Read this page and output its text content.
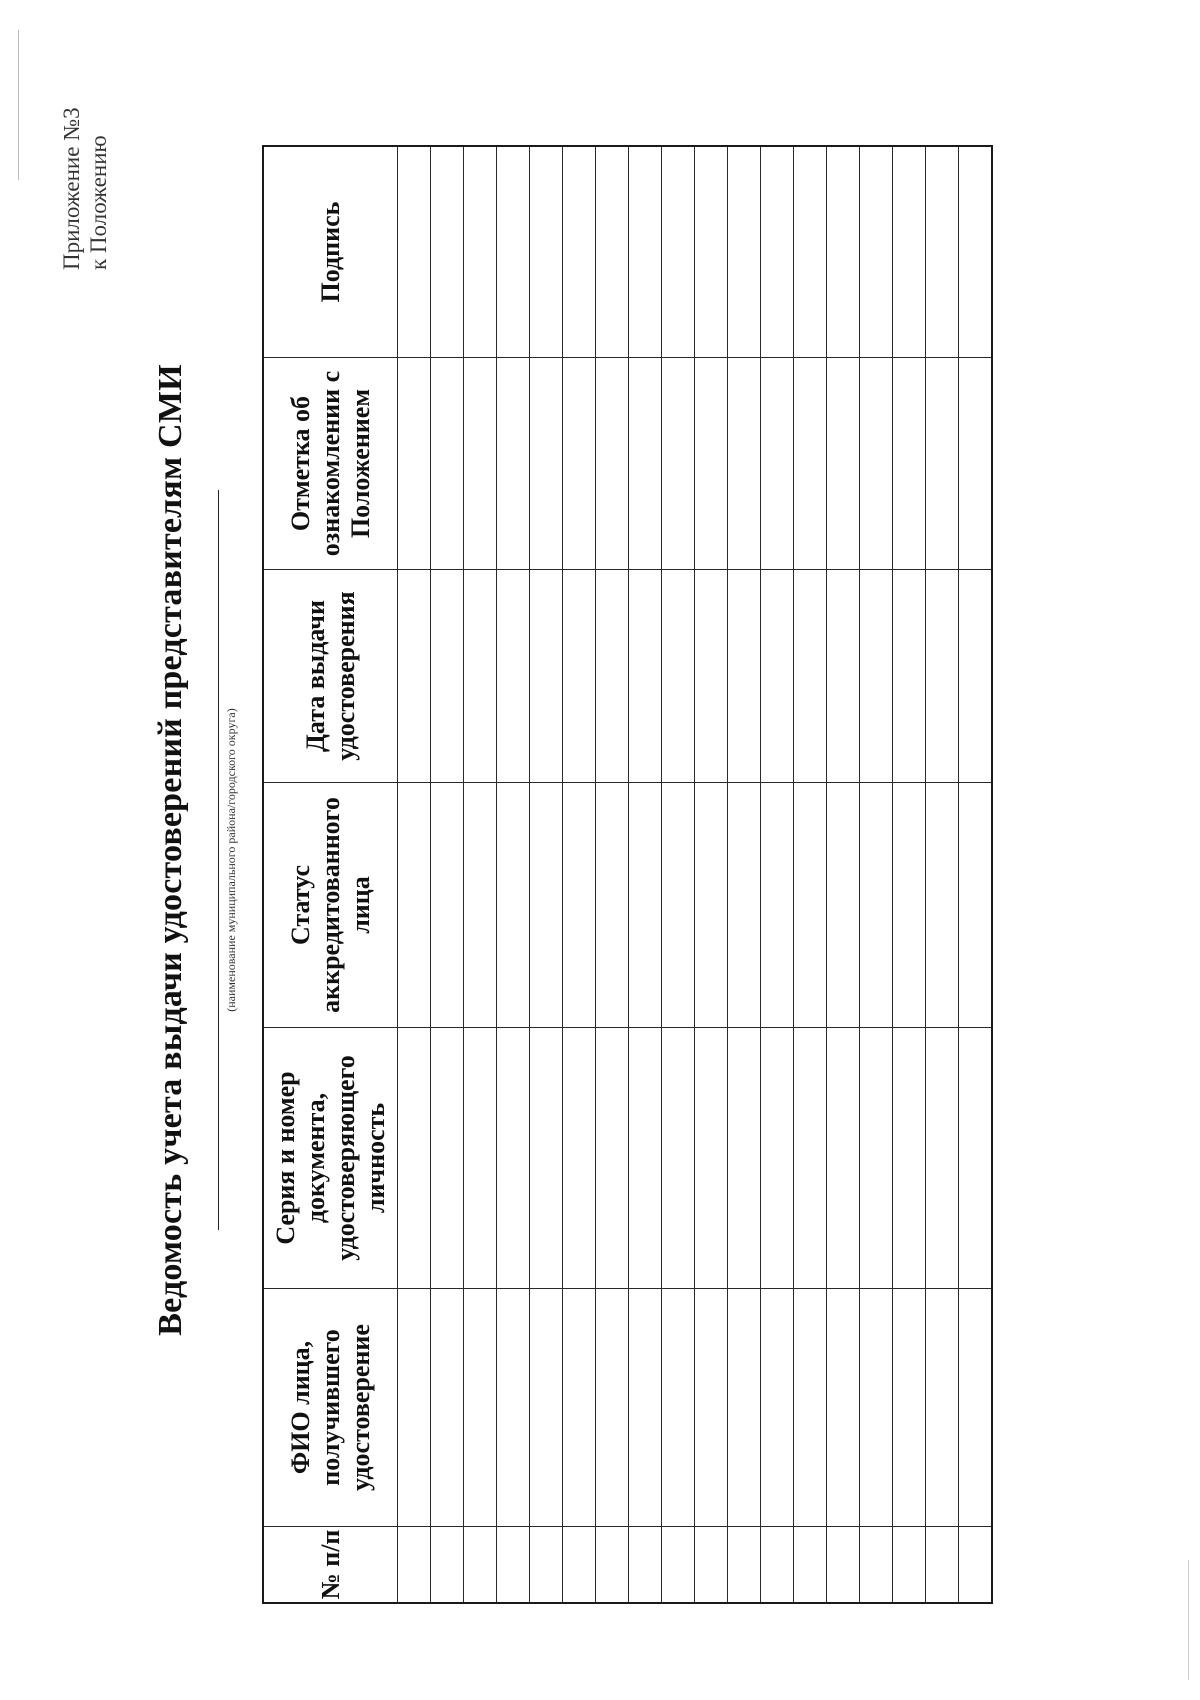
Приложение №3 к Положению
Ведомость учета выдачи удостоверений представителям СМИ	(наименование муниципального района/городского округа)
№ п/п	ФИО лица, получившего удостоверение	Серия и номер документа, удостоверяющего личность	Статус аккредитованного лица	Дата выдачи удостоверения	Отметка об ознакомлении с Положением	Подпись
